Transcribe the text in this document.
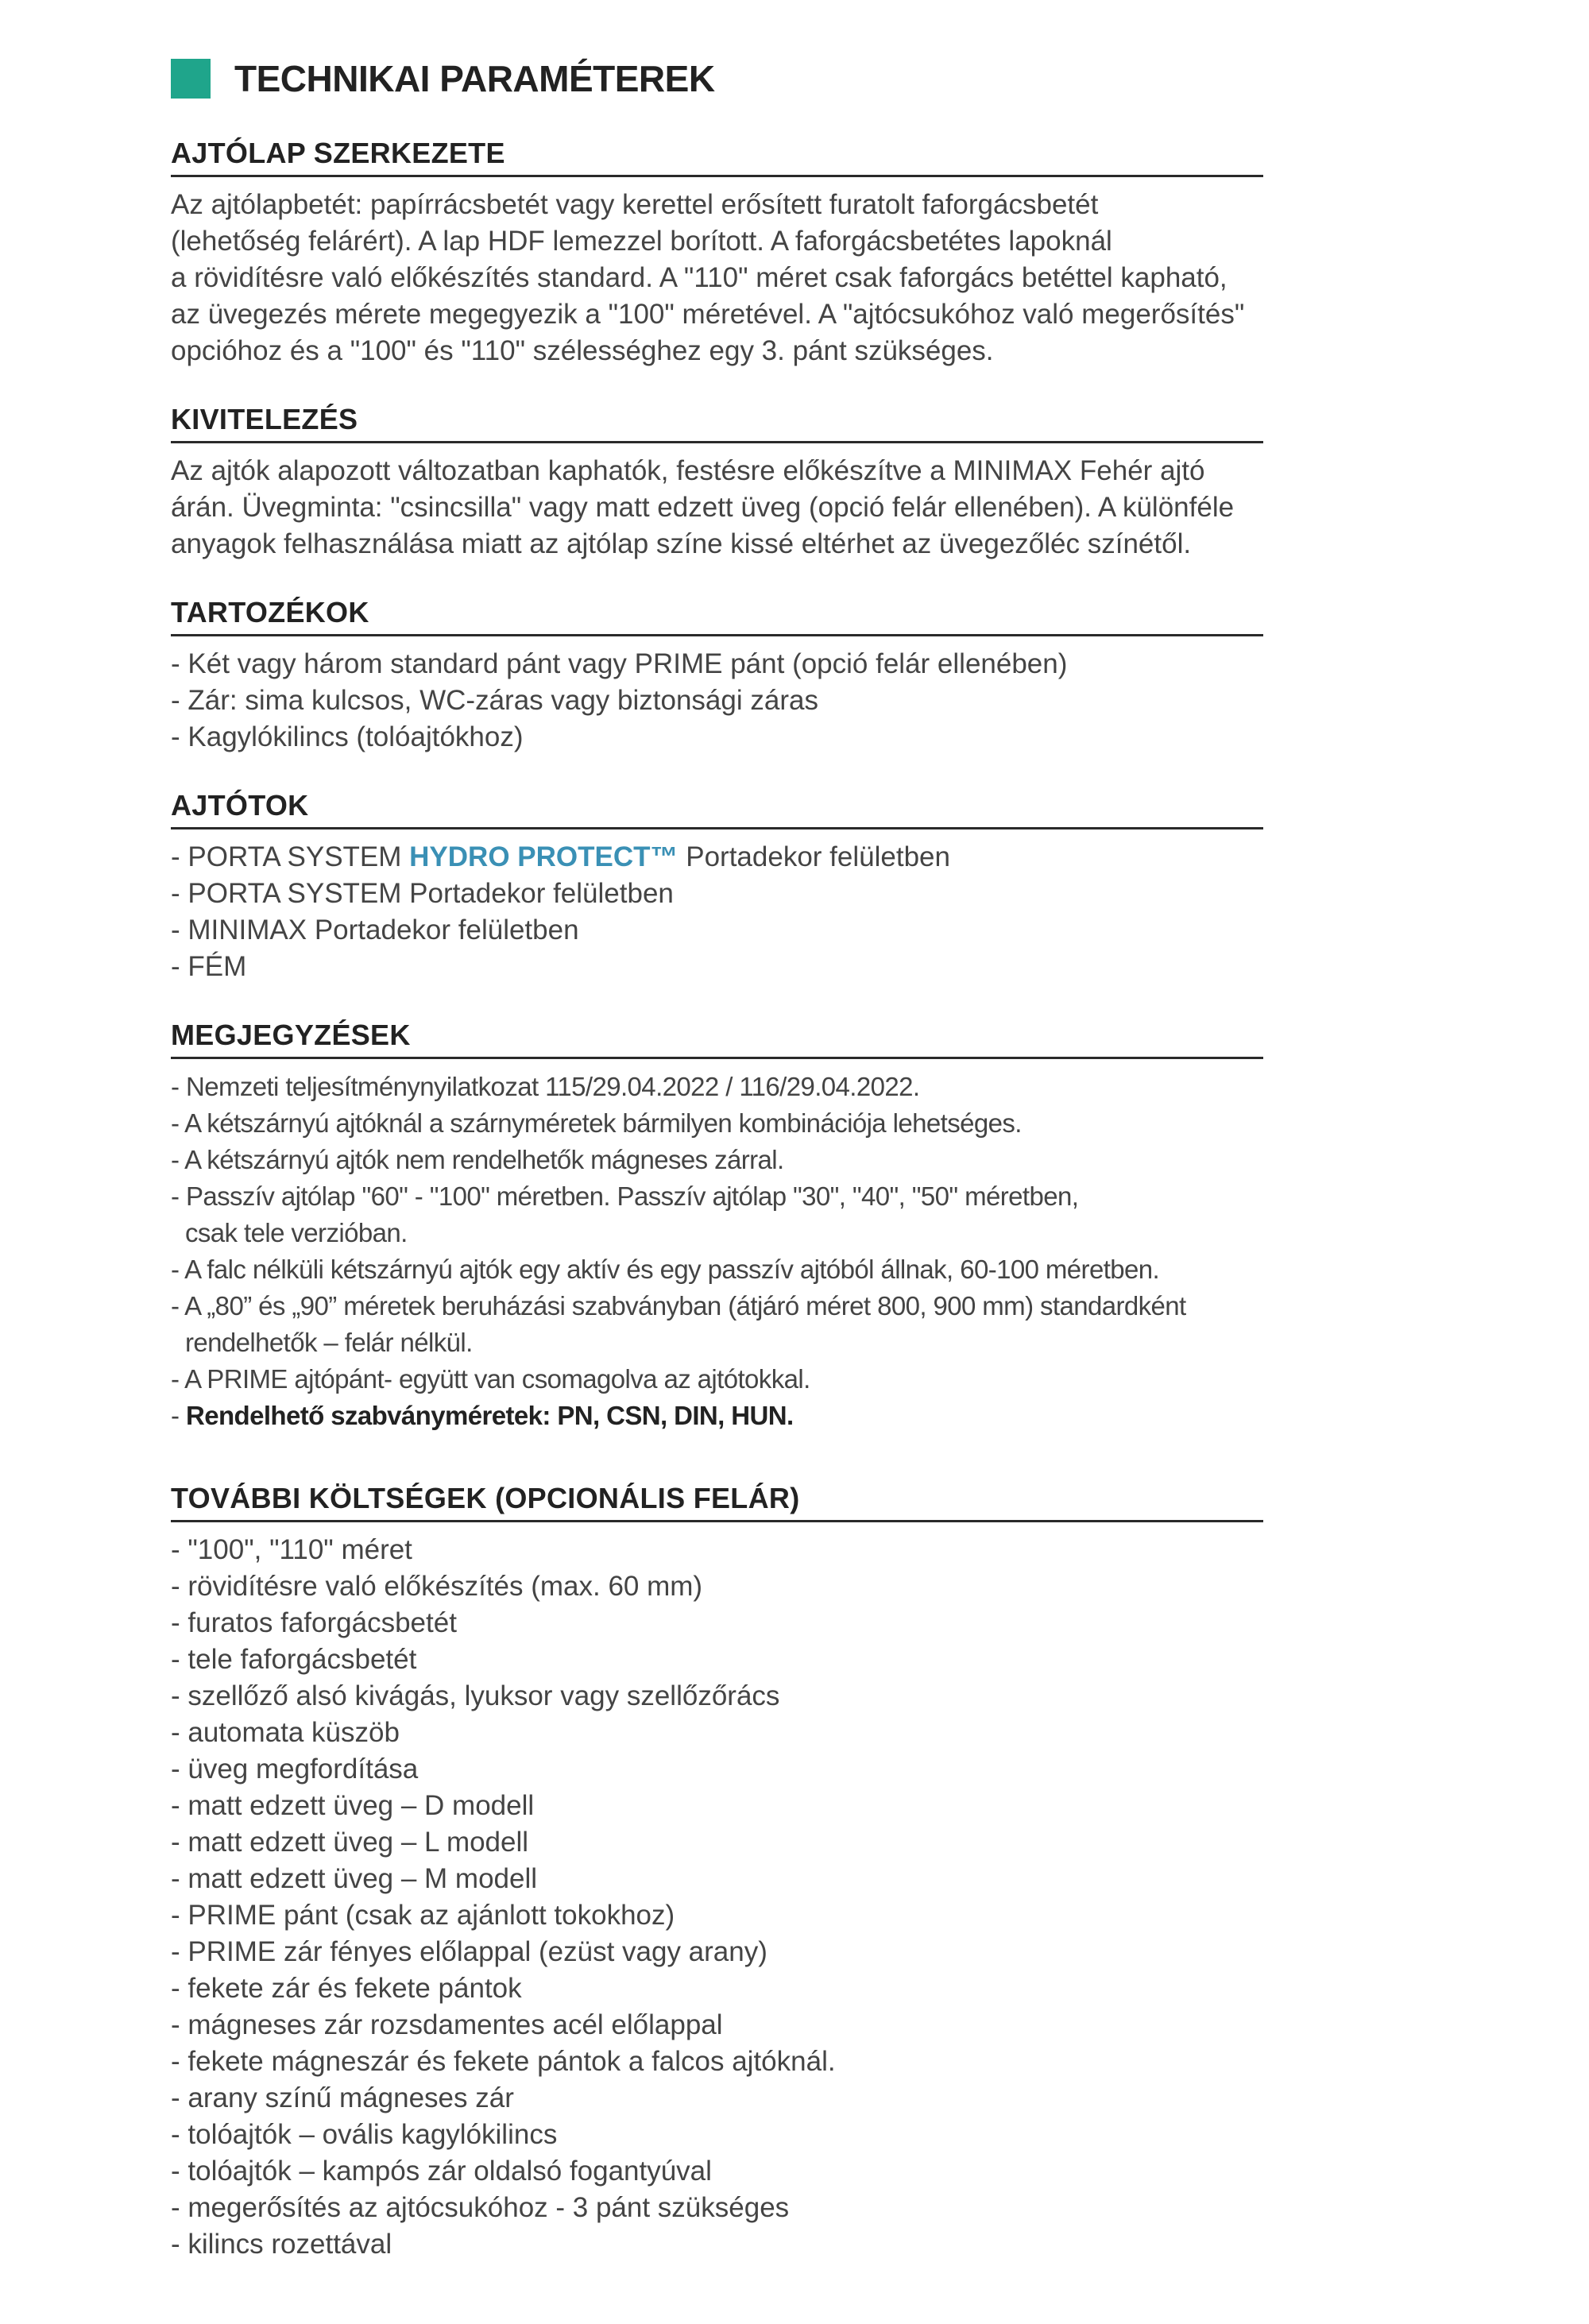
TECHNIKAI PARAMÉTEREK
AJTÓLAP SZERKEZETE

Az ajtólapbetét: papírrácsbetét vagy kerettel erősített furatolt faforgácsbetét

(lehetőség felárért). A lap HDF lemezzel borított. A faforgácsbetétes lapoknál

a rövidítésre való előkészítés standard. A "110" méret csak faforgács betéttel kapható,

az üvegezés mérete megegyezik a "100" méretével. A "ajtócsukóhoz való megerősítés"

opcióhoz és a "100" és "110" szélességhez egy 3. pánt szükséges.

KIVITELEZÉS

Az ajtók alapozott változatban kaphatók, festésre előkészítve a MINIMAX Fehér ajtó

árán. Üvegminta: "csincsilla" vagy matt edzett üveg (opció felár ellenében). A különféle

anyagok felhasználása miatt az ajtólap színe kissé eltérhet az üvegezőléc színétől.

TARTOZÉKOK
- Két vagy három standard pánt vagy PRIME pánt (opció felár ellenében)
- Zár: sima kulcsos, WC-záras vagy biztonsági záras
- Kagylókilincs (tolóajtókhoz)
AJTÓTOK
- PORTA SYSTEM HYDRO PROTECT™ Portadekor felületben
- PORTA SYSTEM Portadekor felületben
- MINIMAX Portadekor felületben
- FÉM
MEGJEGYZÉSEK
- Nemzeti teljesítménynyilatkozat 115/29.04.2022 / 116/29.04.2022.
- A kétszárnyú ajtóknál a szárnyméretek bármilyen kombinációja lehetséges.
- A kétszárnyú ajtók nem rendelhetők mágneses zárral.
- Passzív ajtólap "60" - "100" méretben. Passzív ajtólap "30", "40", "50" méretben,
csak tele verzióban.
- A falc nélküli kétszárnyú ajtók egy aktív és egy passzív ajtóból állnak, 60-100 méretben.
- A „80” és „90” méretek beruházási szabványban (átjáró méret 800, 900 mm) standardként
rendelhetők – felár nélkül.
- A PRIME ajtópánt- együtt van csomagolva az ajtótokkal.
- Rendelhető szabványméretek: PN, CSN, DIN, HUN.
TOVÁBBI KÖLTSÉGEK (OPCIONÁLIS FELÁR)
- "100", "110" méret
- rövidítésre való előkészítés (max. 60 mm)
- furatos faforgácsbetét
- tele faforgácsbetét
- szellőző alsó kivágás, lyuksor vagy szellőzőrács
- automata küszöb
- üveg megfordítása
- matt edzett üveg – D modell
- matt edzett üveg – L modell
- matt edzett üveg – M modell
- PRIME pánt (csak az ajánlott tokokhoz)
- PRIME zár fényes előlappal (ezüst vagy arany)
- fekete zár és fekete pántok
- mágneses zár rozsdamentes acél előlappal
- fekete mágneszár és fekete pántok a falcos ajtóknál.
- arany színű mágneses zár
- tolóajtók – ovális kagylókilincs
- tolóajtók – kampós zár oldalsó fogantyúval
- megerősítés az ajtócsukóhoz - 3 pánt szükséges
- kilincs rozettával
